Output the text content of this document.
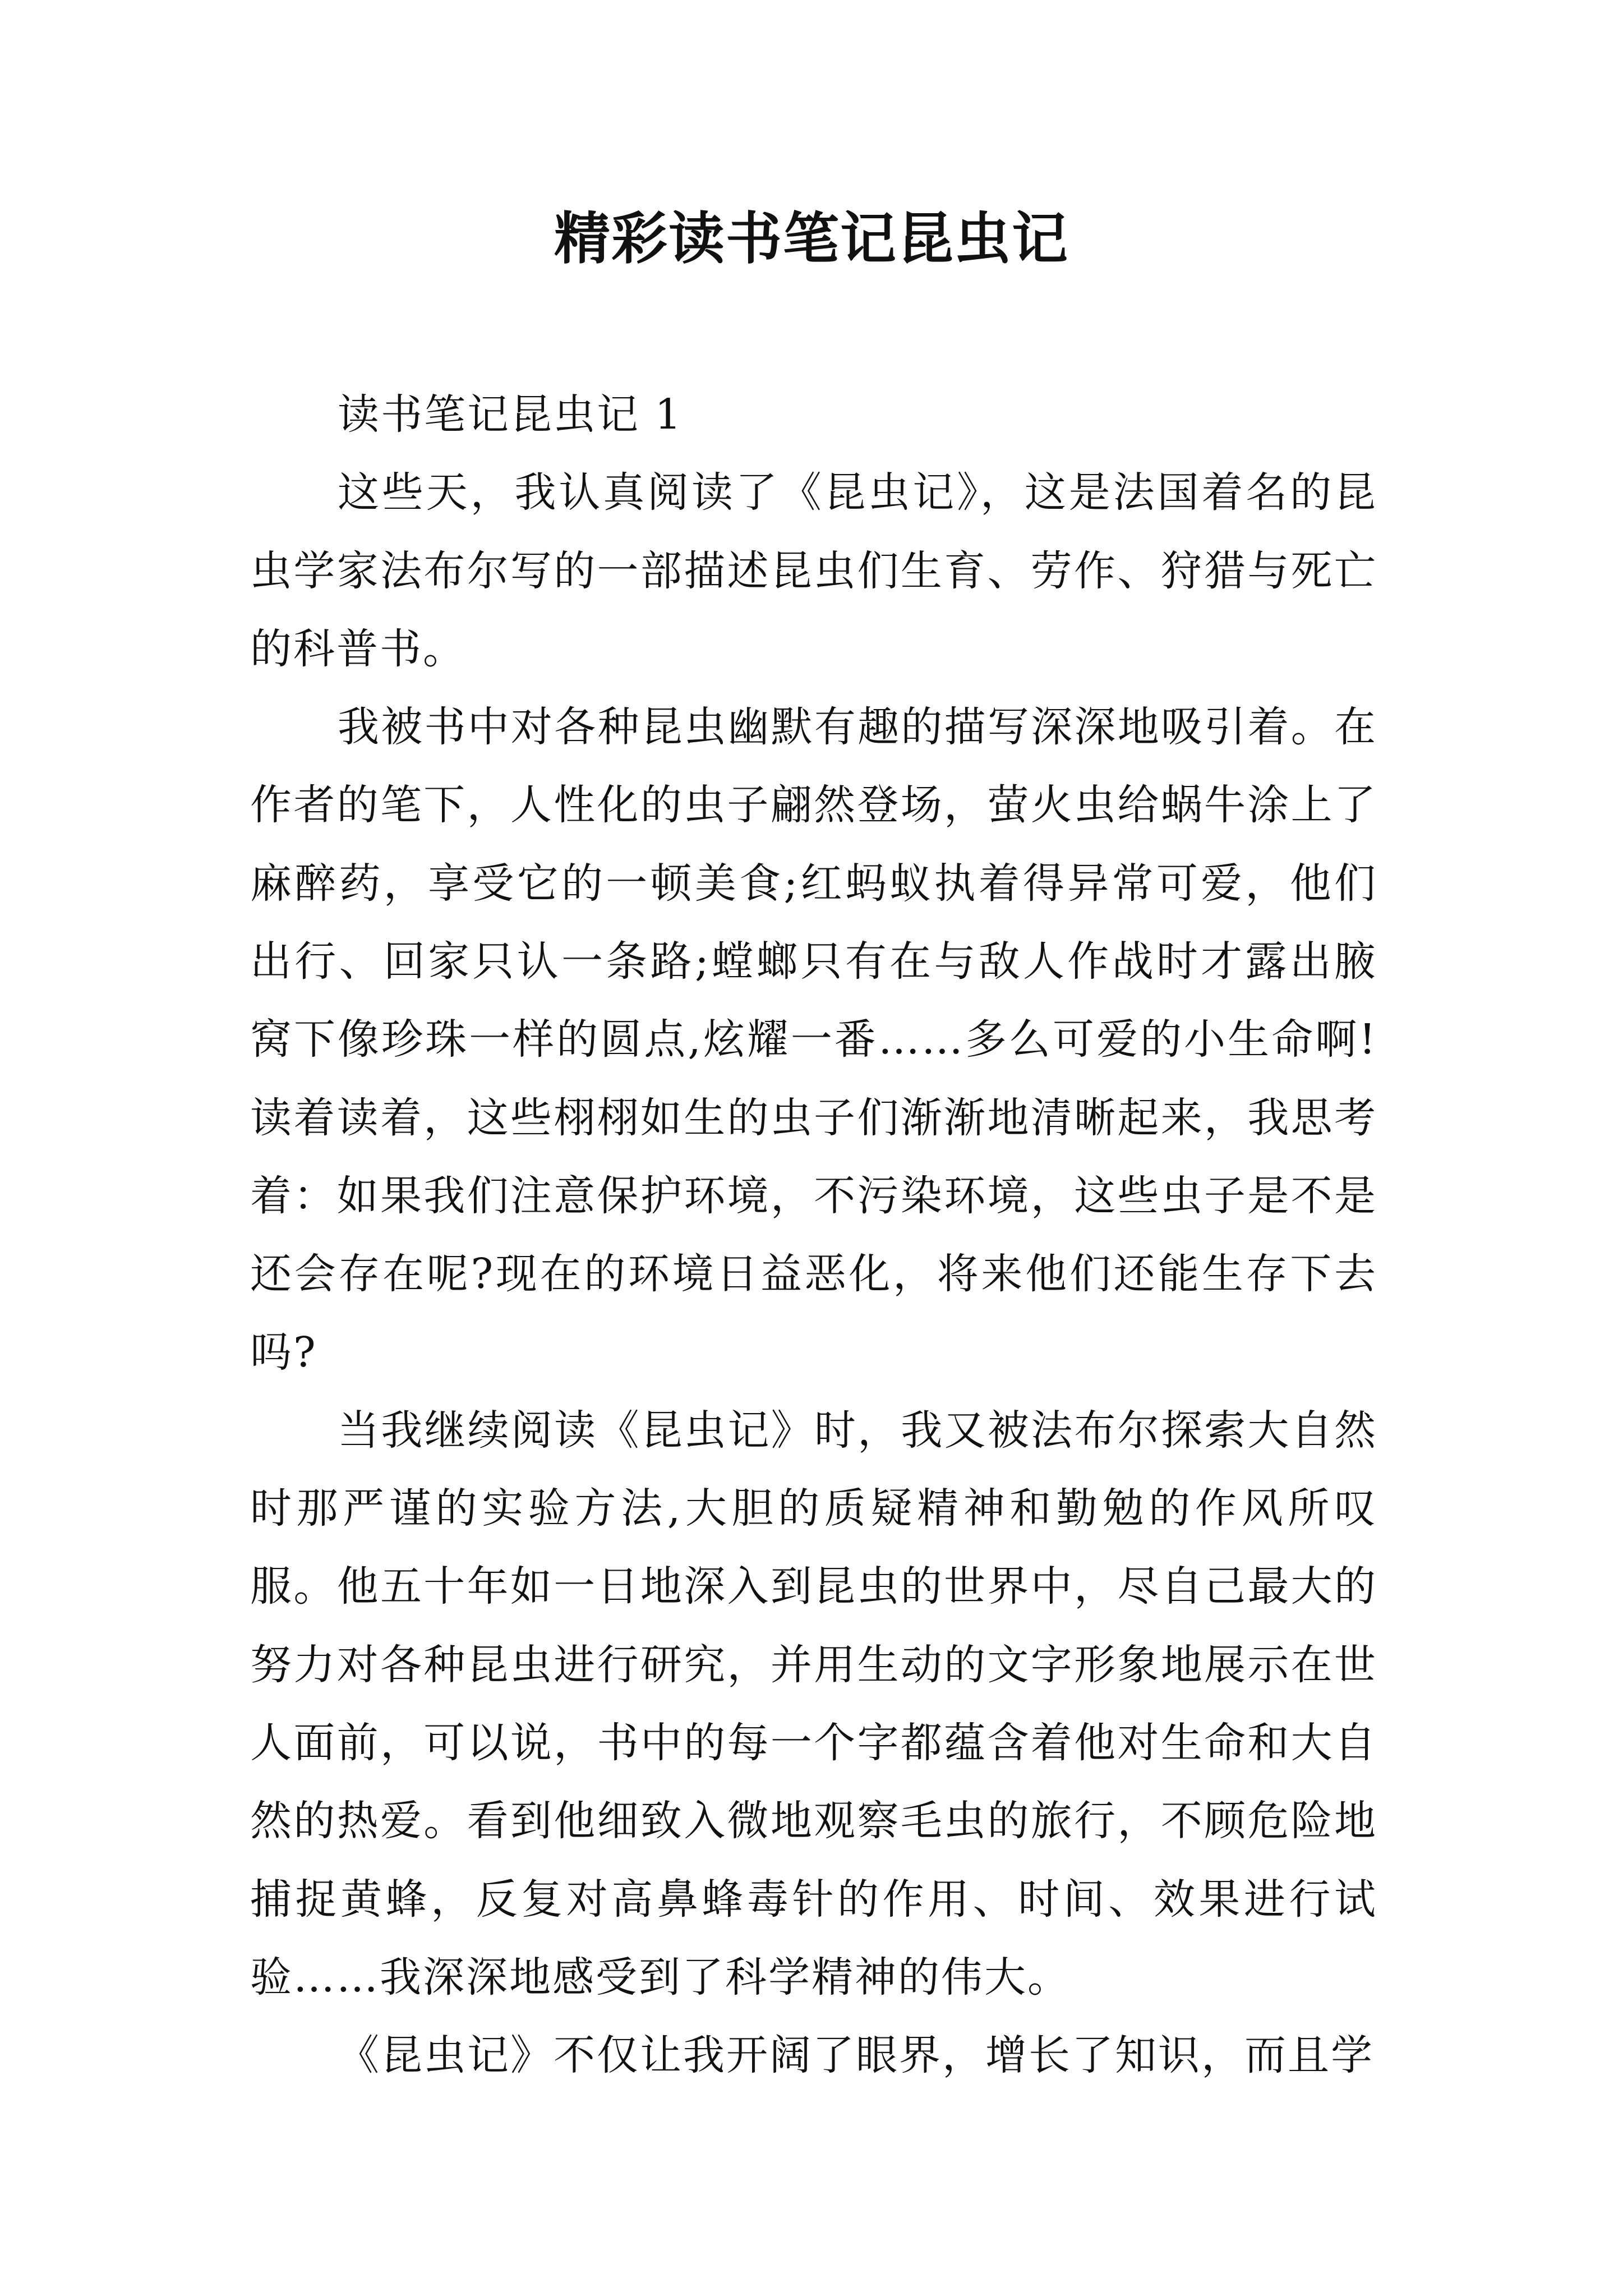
精彩读书笔记昆虫记

读书笔记昆虫记 1

这些天，我认真阅读了《昆虫记》，这是法国着名的昆虫学家法布尔写的一部描述昆虫们生育、劳作、狩猎与死亡的科普书。

我被书中对各种昆虫幽默有趣的描写深深地吸引着。在作者的笔下，人性化的虫子翩然登场，萤火虫给蜗牛涂上了麻醉药，享受它的一顿美食;红蚂蚁执着得异常可爱，他们出行、回家只认一条路;螳螂只有在与敌人作战时才露出腋窝下像珍珠一样的圆点,炫耀一番……多么可爱的小生命啊!读着读着，这些栩栩如生的虫子们渐渐地清晰起来，我思考着：如果我们注意保护环境，不污染环境，这些虫子是不是还会存在呢?现在的环境日益恶化，将来他们还能生存下去吗?

当我继续阅读《昆虫记》时，我又被法布尔探索大自然时那严谨的实验方法,大胆的质疑精神和勤勉的作风所叹服。他五十年如一日地深入到昆虫的世界中，尽自己最大的努力对各种昆虫进行研究，并用生动的文字形象地展示在世人面前，可以说，书中的每一个字都蕴含着他对生命和大自然的热爱。看到他细致入微地观察毛虫的旅行，不顾危险地捕捉黄蜂，反复对高鼻蜂毒针的作用、时间、效果进行试验……我深深地感受到了科学精神的伟大。

《昆虫记》不仅让我开阔了眼界，增长了知识，而且学
